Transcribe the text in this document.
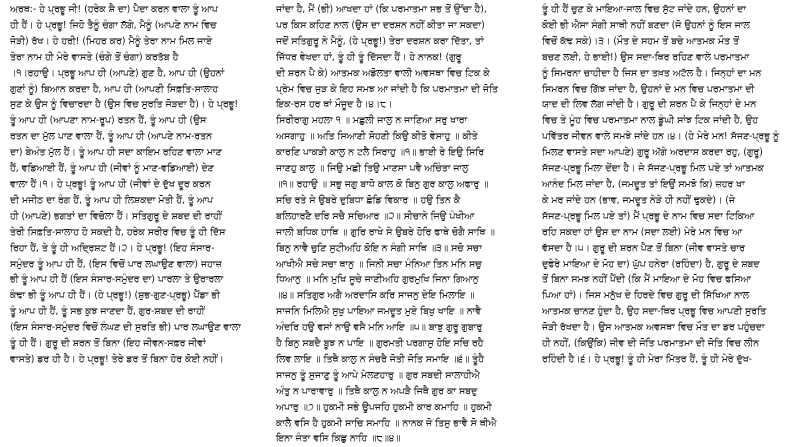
ਅਰਥ:- ਹੇ ਪ੍ਰਭੂ ਜੀ! (ਹਰੇਕ ਸ਼ੈ ਦਾ) ਪੈਦਾ ਕਰਨ ਵਾਲਾ ਤੂੰ ਆਪ
ਹੀ ਹੈਂ। ਹੇ ਪ੍ਰਭੂ! ਜਿਹੋ ਤੈਨੂੰ ਚੰਗਾ ਲੱਗੇ, ਮੈਨੂੰ (ਆਪਣੇ ਨਾਮ ਵਿਚ
ਜੋੜੀ) ਰੱਖ। ਹੇ ਹਰੀ! (ਮਿਹਰ ਕਰ) ਮੈਨੂੰ ਤੇਰਾ ਨਾਮ ਮਿਲ ਜਾਏ
ਤੇਰਾ ਨਾਮ ਹੀ ਮੇਰੇ ਵਾਸਤੇ (ਚੰਗੇ ਤੋਂ ਚੰਗਾ) ਕਰਤੱਬ ਹੈ
।੧।ਰਹਾਉ। ਪ੍ਰਭੂ ਆਪ ਹੀ (ਆਪਣੇ) ਗੁਣ ਹੈ, ਆਪ ਹੀ (ਉਹਨਾਂ
ਗੁਣਾਂ ਨੂੰ) ਬਿਆਨ ਕਰਦਾ ਹੈ, ਆਪ ਹੀ (ਆਪਣੀ ਸਿਫ਼ਤਿ-ਸਾਲਾਹ
ਸੁਣ ਕੇ ਉਸ ਨੂੰ ਵਿਚਾਰਦਾ ਹੈ (ਉਸ ਵਿਚ ਸੁਰਤਿ ਜੋੜਦਾ ਹੈ)। ਹੇ ਪ੍ਰਭੂ!
ਤੂੰ ਆਪ ਹੀ (ਆਪਣਾ ਨਾਮ-ਰੂਪ) ਰਤਨ ਹੈਂ, ਤੂੰ ਆਪ ਹੀ (ਉਸ
ਰਤਨ ਦਾ ਮੁੱਲ ਪਾਣ ਵਾਲਾ ਹੈਂ, ਤੂੰ ਆਪ ਹੀ (ਆਪਣੇ ਨਾਮ-ਰਤਨ
ਦਾ) ਬੇਅੰਤ ਮੁੱਲ ਹੈਂ। ਤੂੰ ਆਪ ਹੀ ਸਦਾ ਕਾਇਮ ਰਹਿਣ ਵਾਲਾ ਮਾਣ
ਹੈਂ, ਵਡਿਆਈ ਹੈਂ, ਤੂੰ ਆਪ ਹੀ (ਜੀਵਾਂ ਨੂੰ ਮਾਣ-ਵਡਿਆਈ) ਦੇਣ
ਵਾਲਾ ਹੈਂ।੧। ਹੇ ਪ੍ਰਭੂ! ਤੂੰ ਆਪ ਹੀ (ਜੀਵਾਂ ਦੇ ਦੁੱਖ ਦੂਰ ਕਰਨ
ਦੀ ਮਜੀਠ ਦਾ ਰੰਗ ਹੈਂ, ਤੂੰ ਆਪ ਹੀ ਲਿਸ਼ਕਦਾ ਮੋਤੀ ਹੈਂ, ਤੂੰ ਆਪ
ਹੀ (ਆਪਣੇ) ਭਗਤਾਂ ਦਾ ਵਿਚੋਲਾ ਹੈਂ। ਸਤਿਗੁਰੂ ਦੇ ਸ਼ਬਦ ਦੀ ਰਾਹੀਂ
ਤੇਰੀ ਸਿਫ਼ਤਿ-ਸਾਲਾਹ ਹੋ ਸਕਦੀ ਹੈ, ਹਰੇਕ ਸਰੀਰ ਵਿਚ ਤੂੰ ਹੀ ਦਿੱਸ
ਰਿਹਾ ਹੈਂ, ਤੇ ਤੂੰ ਹੀ ਅਦ੍ਰਿਸ਼ਟ ਹੈਂ।੨। ਹੇ ਪ੍ਰਭੂ! (ਇਹ ਸੰਸਾਰ-
ਸਮੁੰਦਰ ਤੂੰ ਆਪ ਹੀ ਹੈਂ, (ਇਸ ਵਿਚੋਂ ਪਾਰ ਲਘਾਉਣ ਵਾਲਾ) ਜਹਾਜ਼
ਭੀ ਤੂੰ ਆਪ ਹੀ ਹੈਂ (ਇਸ ਸੰਸਾਰ-ਸਮੁੰਦਰ ਦਾ) ਪਾਰਲਾ ਤੇ ਉਰਾਰਲਾ
ਕੰਢਾ ਭੀ ਤੂੰ ਆਪ ਹੀ ਹੈਂ। (ਹੇ ਪ੍ਰਭੂ!) (ਸ਼ੁਭ-ਗੁਣ-ਪ੍ਰਭੂ) ਪੈਂਡਾ ਭੀ
ਤੂੰ ਆਪ ਹੀ ਹੈਂ, ਤੂੰ ਸਭ ਕੁਝ ਜਾਣਦਾ ਹੈਂ, ਗੁਰ-ਸ਼ਬਦ ਦੀ ਰਾਹੀਂ
(ਇਸ ਸੰਸਾਰ-ਸਮੁੰਦਰ ਵਿਚੋਂ ਲੰਘਣ ਦੀ ਸੁਰਤਿ ਭੀ) ਪਾਰ ਲਘਾਉਣ ਵਾਲਾ
ਤੂੰ ਹੀ ਹੈਂ। ਗੁਰੂ ਦੀ ਸ਼ਰਨ ਤੋਂ ਬਿਨਾ (ਇਹ ਜੀਵਨ-ਸਫ਼ਰ ਜੀਵਾਂ
ਵਾਸਤੇ) ਡਰ ਹੀ ਹੈ। ਹੇ ਪ੍ਰਭੂ! ਤੇਰੇ ਡਰ ਤੋਂ ਬਿਨਾ ਹੋਰ ਕੋਈ ਨਹੀਂ।
ਜਾਂਦਾ ਹੈ, ਮੈਂ (ਭੀ) ਆਖਦਾ ਹਾਂ (ਕਿ ਪਰਮਾਤਮਾ ਸਭ ਤੋਂ ਉੱਚਾ ਹੈ),
ਪਰ ਕਿਸ ਕਹਿਣ ਨਾਲ (ਉਸ ਦਾ ਦਰਸ਼ਨ ਨਹੀਂ ਕੀਤਾ ਜਾ ਸਕਦਾ)
ਜਦੋਂ ਸਤਿਗੁਰੂ ਨੇ ਮੈਨੂੰ, (ਹੇ ਪ੍ਰਭੂ!) ਤੇਰਾ ਦਰਸ਼ਨ ਕਰਾ ਦਿੱਤਾ, ਤਾਂ
ਜਿੱਧਰ ਵੇਖਦਾ ਹਾਂ, ਤੂੰ ਹੀ ਤੂੰ ਦਿੱਸਦਾ ਹੈਂ। ਹੇ ਨਾਨਕ! (ਗੁਰੂ
ਦੀ ਸ਼ਰਨ ਪੈ ਕੇ) ਆਤਮਕ ਅਡੋਲਤਾ ਵਾਲੀ ਅਵਸਥਾ ਵਿਚ ਟਿਕ ਕੇ
ਪ੍ਰੇਮ ਵਿਚ ਜੁੜ ਕੇ ਇਹ ਸਮਝ ਆ ਜਾਂਦੀ ਹੈ ਕਿ ਪਰਮਾਤਮਾ ਦੀ ਜੋਤਿ
ਇਕ-ਰਸ ਹਰ ਥਾਂ ਮੌਜੂਦ ਹੈ।੪।੮।
ਸਿਰੀਰਾਗੁ ਮਹਲਾ ੧ ॥ ਮਛੁਲੀ ਜਾਲੁ ਨ ਜਾਣਿਆ ਸਰੁ ਖਾਰਾ
ਅਸਗਾਹੁ ॥ ਅਤਿ ਸਿਆਣੀ ਸੋਹਣੀ ਕਿਉ ਕੀਤੋ ਵੇਸਾਹੁ ॥ ਕੀਤੇ
ਕਾਰਣਿ ਪਾਕੜੀ ਕਾਲੁ ਨ ਟਲੈ ਸਿਰਾਹੁ ॥੧॥ ਭਾਈ ਰੇ ਇਉ ਸਿਰਿ
ਜਾਣਹੁ ਕਾਲੁ ॥ ਜਿਉ ਮਛੀ ਤਿਉ ਮਾਣਸਾ ਪਵੈ ਅਚਿੰਤਾ ਜਾਲੁ
॥੧॥ ਰਹਾਉ ॥ ਸਭੁ ਜਗੁ ਬਾਧੋ ਕਾਲ ਕੋ ਬਿਨੁ ਗੁਰ ਕਾਲੁ ਅਫਾਰੁ ॥
ਸਚਿ ਰਤੇ ਸੇ ਉਬਰੇ ਦੁਬਿਧਾ ਛੋਡਿ ਵਿਕਾਰ ॥ ਹਉ ਤਿਨ ਕੈ
ਬਲਿਹਾਰਣੈ ਦਰਿ ਸਚੈ ਸਚਿਆਰ ॥੨॥ ਸੀਚਾਨੇ ਜਿਉ ਪੰਖੀਆ
ਜਾਲੀ ਬਧਿਕ ਹਾਥਿ ॥ ਗੁਰਿ ਰਾਖੇ ਸੇ ਉਬਰੇ ਹੋਰਿ ਫਾਥੇ ਚੋਗੈ ਸਾਥਿ ॥
ਬਿਨੁ ਨਾਵੈ ਚੁਣਿ ਸੁਟੀਅਹਿ ਕੋਇ ਨ ਸੰਗੀ ਸਾਥਿ ॥੩॥ ਸਚੋ ਸਚਾ
ਆਖੀਐ ਸਚੇ ਸਚਾ ਥਾਨੁ ॥ ਜਿਨੀ ਸਚਾ ਮੰਨਿਆ ਤਿਨ ਮਨਿ ਸਚੁ
ਧਿਆਨੁ ॥ ਮਨਿ ਮੁਖਿ ਸੂਚੇ ਜਾਣੀਅਹਿ ਗੁਰਮੁਖਿ ਜਿਨਾ ਗਿਆਨੁ
॥੪॥ ਸਤਿਗੁਰ ਅਗੈ ਅਰਦਾਸਿ ਕਰਿ ਸਾਜਨੁ ਦੇਇ ਮਿਲਾਇ ॥
ਸਾਜਨਿ ਮਿਲਿਐ ਸੁਖੁ ਪਾਇਆ ਜਮਦੂਤ ਮੁਏ ਬਿਖੁ ਖਾਇ ॥ ਨਾਵੈ
ਅੰਦਰਿ ਹਉ ਵਸਾਂ ਨਾਉ ਵਸੈ ਮਨਿ ਆਇ ॥੫॥ ਬਾਝੁ ਗੁਰੂ ਗੁਬਾਰੁ
ਹੈ ਬਿਨੁ ਸਬਦੈ ਬੂਝ ਨ ਪਾਇ ॥ ਗੁਰਮਤੀ ਪਰਗਾਸੁ ਹੋਇ ਸਚਿ ਰਹੈ
ਲਿਵ ਲਾਇ ॥ ਤਿਥੈ ਕਾਲੁ ਨ ਸੰਚਰੈ ਜੋਤੀ ਜੋਤਿ ਸਮਾਇ ॥੬॥ ਤੂੰਹੈ
ਸਾਜਨੁ ਤੂੰ ਸੁਜਾਣੁ ਤੂੰ ਆਪੇ ਮੇਲਣਹਾਰੁ ॥ ਗੁਰ ਸਬਦੀ ਸਾਲਾਹੀਐ
ਅੰਤੁ ਨ ਪਾਰਾਵਾਰੁ ॥ ਤਿਥੈ ਕਾਲੁ ਨ ਅਪੜੈ ਜਿਥੈ ਗੁਰ ਕਾ ਸਬਦੁ
ਅਪਾਰੁ ॥੭॥ ਹੁਕਮੀ ਸਭੇ ਊਪਜਹਿ ਹੁਕਮੀ ਕਾਰ ਕਮਾਹਿ ॥ ਹੁਕਮੀ
ਕਾਲੈ ਵਸਿ ਹੈ ਹੁਕਮੀ ਸਾਚਿ ਸਮਾਹਿ ॥ ਨਾਨਕ ਜੋ ਤਿਸੁ ਭਾਵੈ ਸੋ ਥੀਐ
ਇਨਾ ਜੰਤਾ ਵਸਿ ਕਿਛੁ ਨਾਹਿ ॥੮॥੪॥
ਤੂੰ ਹੀ ਹੈਂ ਚੁਣ ਕੇ ਮਾਇਆ-ਜਾਲ ਵਿਚ ਸੁੱਟ ਜਾਂਦੇ ਹਨ, ਉਹਨਾਂ ਦਾ
ਕੋਈ ਭੀ ਐਸਾ ਸੰਗੀ ਸਾਥੀ ਨਹੀਂ ਬਣਦਾ (ਜੋ ਉਹਨਾਂ ਨੂੰ ਇਸ ਜਾਲ
ਵਿਚੋਂ ਕੱਢ ਸਕੇ)।੩। (ਮੌਤ ਦੇ ਸਹਮ ਤੋਂ ਬਚੇ ਆਤਮਕ ਮੌਤ ਤੋਂ
ਬਚਣ ਲਈ, ਹੇ ਭਾਈ!) ਉਸ ਸਦਾ-ਥਿਰ ਰਹਿਣ ਵਾਲੇ ਪਰਮਾਤਮਾ
ਨੂੰ ਸਿਮਰਨਾ ਚਾਹੀਦਾ ਹੈ ਜਿਸ ਦਾ ਤਖ਼ਤ ਅਟੱਲ ਹੈ। ਜਿਨ੍ਹਾਂ ਦਾ ਮਨ
ਸਿਮਰਨ ਵਿਚ ਗਿੱਝ ਜਾਂਦਾ ਹੈ, ਉਹਨਾਂ ਦੇ ਮਨ ਵਿਚ ਪਰਮਾਤਮਾ ਦੀ
ਯਾਦ ਦੀ ਲਿਵ ਲੱਗ ਜਾਂਦੀ ਹੈ। ਗੁਰੂ ਦੀ ਸ਼ਰਨ ਪੈ ਕੇ ਜਿਨ੍ਹਾਂ ਦੇ ਮਨ
ਵਿਚ ਤੇ ਮੂੰਹ ਵਿਚ ਪਰਮਾਤਮਾ ਨਾਲ ਡੂੰਘੀ ਸਾਂਝ ਟਿਕ ਜਾਂਦੀ ਹੈ, ਉਹ
ਪਵਿੱਤਰ ਜੀਵਨ ਵਾਲੇ ਸਮਝੇ ਜਾਂਦੇ ਹਨ।੪। (ਹੇ ਮੇਰੇ ਮਨ! ਸੱਜਣ-ਪ੍ਰਭੂ ਨੂੰ
ਮਿਲਣ ਵਾਸਤੇ ਸਦਾ ਆਪਣੇ) ਗੁਰੂ ਅੱਗੇ ਅਰਦਾਸ ਕਰਦਾ ਰਹੁ, (ਗੁਰੂ)
ਸੱਜਣ-ਪ੍ਰਭੂ ਮਿਲਾ ਦੇਂਦਾ ਹੈ। ਜੇ ਸੱਜਣ-ਪ੍ਰਭੂ ਮਿਲ ਪਏ ਤਾਂ ਆਤਮਕ
ਆਨੰਦ ਮਿਲ ਜਾਂਦਾ ਹੈ, (ਜਮਦੂਤ ਤਾਂ ਇਉਂ ਸਮਝੋ ਕਿ) ਜ਼ਹਰ ਖਾ
ਕੇ ਮਰ ਜਾਂਦੇ ਹਨ (ਭਾਵ, ਜਮਦੂਤ ਨੇੜੇ ਹੀ ਨਹੀਂ ਢੁਕਦੇ)। (ਜੇ
ਸੱਜਣ-ਪ੍ਰਭੂ ਮਿਲ ਪਏ ਤਾਂ) ਮੈਂ ਪ੍ਰਭੂ ਦੇ ਨਾਮ ਵਿਚ ਸਦਾ ਟਿਕਿਆ
ਰਹਿ ਸਕਦਾ ਹਾਂ ਉਸ ਦਾ ਨਾਮ (ਸਦਾ ਲਈ) ਮੇਰੇ ਮਨ ਵਿਚ ਆ
ਵੱਸਦਾ ਹੈ।੫। ਗੁਰੂ ਦੀ ਸ਼ਰਨ ਪੈਣ ਤੋਂ ਬਿਨਾ (ਜੀਵ ਵਾਸਤੇ ਚਾਰ
ਦੁਫੇਰੇ ਮਾਇਆ ਦੇ ਮੋਹ ਦਾ) ਘੁੱਪ ਹਨੇਰਾ (ਰਹਿੰਦਾ) ਹੈ, ਗੁਰੂ ਦੇ ਸ਼ਬਦ
ਤੋਂ ਬਿਨਾ ਸਮਝ ਨਹੀਂ ਪੈਂਦੀ (ਕਿ ਮੈਂ ਮਾਇਆ ਦੇ ਮੋਹ ਵਿਚ ਫਸਿਆ
ਪਿਆ ਹਾਂ)। ਜਿਸ ਮਨੁੱਖ ਦੇ ਹਿਰਦੇ ਵਿਚ ਗੁਰੂ ਦੀ ਸਿੱਖਿਆ ਨਾਲ
ਆਤਮਕ ਚਾਨਣ ਹੁੰਦਾ ਹੈ, ਉਹ ਸਦਾ-ਥਿਰ ਪ੍ਰਭੂ ਵਿਚ ਆਪਣੀ ਸੁਰਤਿ
ਜੋੜੀ ਰੱਖਦਾ ਹੈ। ਉਸ ਆਤਮਕ ਅਵਸਥਾ ਵਿਚ ਮੌਤ ਦਾ ਡਰ ਪਹੁੰਚਦਾ
ਹੀ ਨਹੀਂ, (ਕਿਉਂਕਿ) ਜੀਵ ਦੀ ਜੋਤਿ ਪਰਮਾਤਮਾ ਦੀ ਜੋਤਿ ਵਿਚ ਲੀਨ
ਰਹਿੰਦੀ ਹੈ।੬। ਹੇ ਪ੍ਰਭੂ! ਤੂੰ ਹੀ ਮੇਰਾ ਮਿੱਤਰ ਹੈਂ, ਤੂੰ ਹੀ ਮੇਰੇ ਦੁੱਖ-
